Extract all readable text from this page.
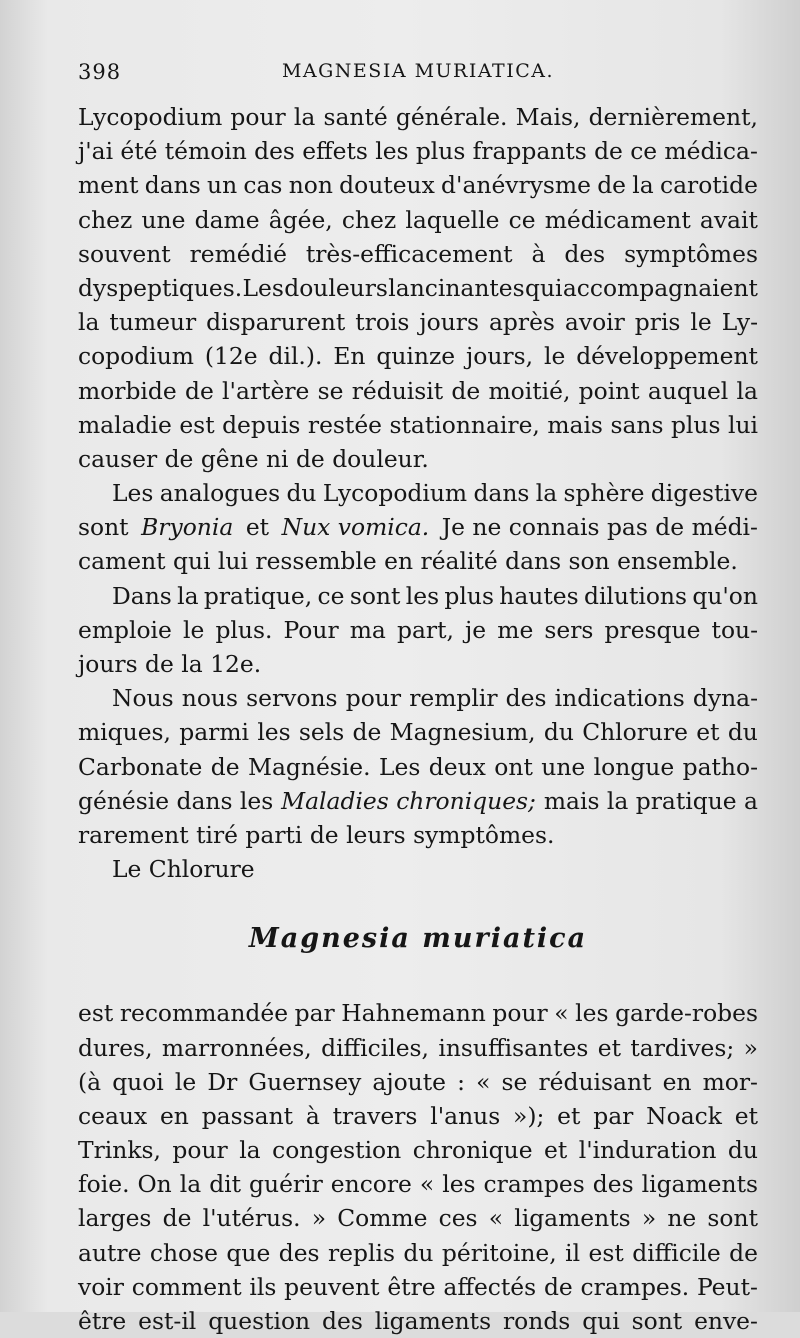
398	MAGNESIA MURIATICA.
Lycopodium pour la santé générale. Mais, dernièrement,
j'ai été témoin des effets les plus frappants de ce médica-
ment dans un cas non douteux d'anévrysme de la carotide
chez une dame âgée, chez laquelle ce médicament avait
souvent remédié très-efficacement à des symptômes
dyspeptiques. Les douleurs lancinantes qui accompagnaient
la tumeur disparurent trois jours après avoir pris le Ly-
copodium (12e dil.). En quinze jours, le développement
morbide de l'artère se réduisit de moitié, point auquel la
maladie est depuis restée stationnaire, mais sans plus lui
causer de gêne ni de douleur.
Les analogues du Lycopodium dans la sphère digestive
sont Bryonia et Nux vomica. Je ne connais pas de médi-
cament qui lui ressemble en réalité dans son ensemble.
Dans la pratique, ce sont les plus hautes dilutions qu'on
emploie le plus. Pour ma part, je me sers presque tou-
jours de la 12e.
Nous nous servons pour remplir des indications dyna-
miques, parmi les sels de Magnesium, du Chlorure et du
Carbonate de Magnésie. Les deux ont une longue patho-
génésie dans les Maladies chroniques; mais la pratique a
rarement tiré parti de leurs symptômes.
Le Chlorure
Magnesia muriatica
est recommandée par Hahnemann pour « les garde-robes
dures, marronnées, difficiles, insuffisantes et tardives; »
(à quoi le Dr Guernsey ajoute : « se réduisant en mor-
ceaux en passant à travers l'anus »); et par Noack et
Trinks, pour la congestion chronique et l'induration du
foie. On la dit guérir encore « les crampes des ligaments
larges de l'utérus. » Comme ces « ligaments » ne sont
autre chose que des replis du péritoine, il est difficile de
voir comment ils peuvent être affectés de crampes. Peut-
être est-il question des ligaments ronds qui sont enve-
